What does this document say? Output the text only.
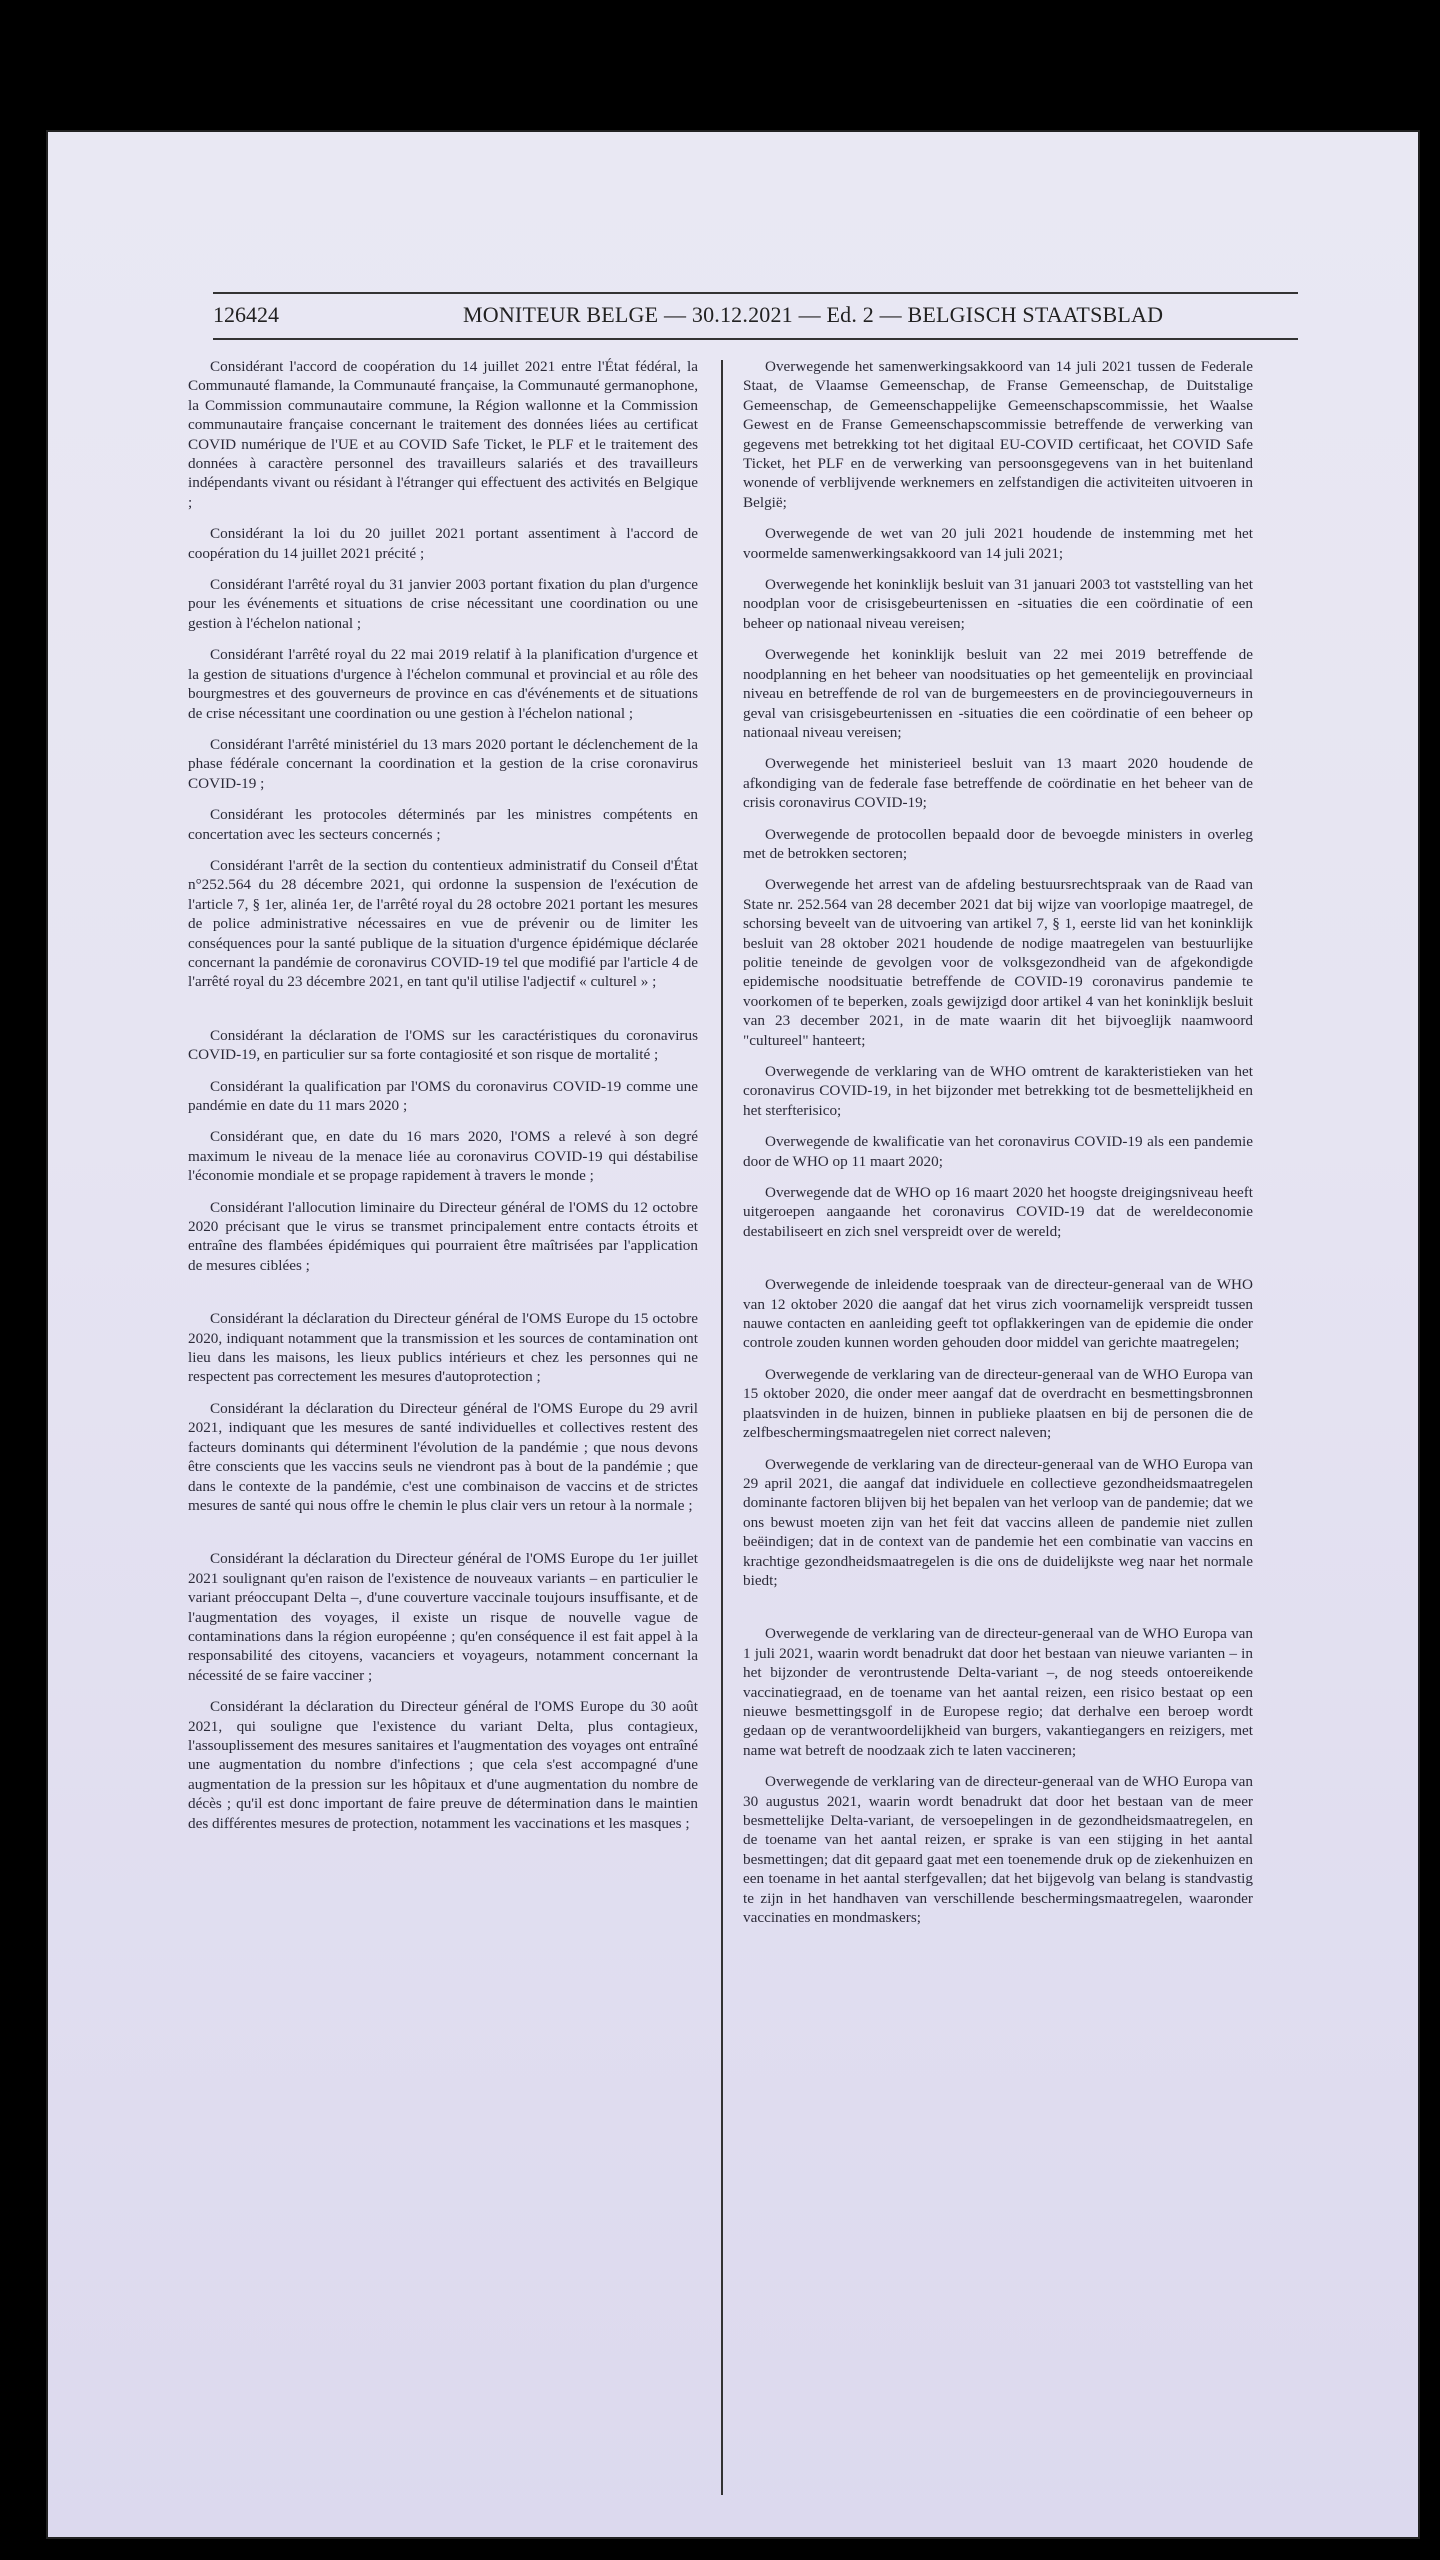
126424	MONITEUR BELGE — 30.12.2021 — Ed. 2 — BELGISCH STAATSBLAD

Considérant l'accord de coopération du 14 juillet 2021 entre l'État fédéral, la Communauté flamande, la Communauté française, la Communauté germanophone, la Commission communautaire commune, la Région wallonne et la Commission communautaire française concernant le traitement des données liées au certificat COVID numérique de l'UE et au COVID Safe Ticket, le PLF et le traitement des données à caractère personnel des travailleurs salariés et des travailleurs indépendants vivant ou résidant à l'étranger qui effectuent des activités en Belgique ;

Considérant la loi du 20 juillet 2021 portant assentiment à l'accord de coopération du 14 juillet 2021 précité ;

Considérant l'arrêté royal du 31 janvier 2003 portant fixation du plan d'urgence pour les événements et situations de crise nécessitant une coordination ou une gestion à l'échelon national ;

Considérant l'arrêté royal du 22 mai 2019 relatif à la planification d'urgence et la gestion de situations d'urgence à l'échelon communal et provincial et au rôle des bourgmestres et des gouverneurs de province en cas d'événements et de situations de crise nécessitant une coordination ou une gestion à l'échelon national ;

Considérant l'arrêté ministériel du 13 mars 2020 portant le déclenchement de la phase fédérale concernant la coordination et la gestion de la crise coronavirus COVID-19 ;

Considérant les protocoles déterminés par les ministres compétents en concertation avec les secteurs concernés ;

Considérant l'arrêt de la section du contentieux administratif du Conseil d'État n°252.564 du 28 décembre 2021, qui ordonne la suspension de l'exécution de l'article 7, § 1er, alinéa 1er, de l'arrêté royal du 28 octobre 2021 portant les mesures de police administrative nécessaires en vue de prévenir ou de limiter les conséquences pour la santé publique de la situation d'urgence épidémique déclarée concernant la pandémie de coronavirus COVID-19 tel que modifié par l'article 4 de l'arrêté royal du 23 décembre 2021, en tant qu'il utilise l'adjectif « culturel » ;

Considérant la déclaration de l'OMS sur les caractéristiques du coronavirus COVID-19, en particulier sur sa forte contagiosité et son risque de mortalité ;

Considérant la qualification par l'OMS du coronavirus COVID-19 comme une pandémie en date du 11 mars 2020 ;

Considérant que, en date du 16 mars 2020, l'OMS a relevé à son degré maximum le niveau de la menace liée au coronavirus COVID-19 qui déstabilise l'économie mondiale et se propage rapidement à travers le monde ;

Considérant l'allocution liminaire du Directeur général de l'OMS du 12 octobre 2020 précisant que le virus se transmet principalement entre contacts étroits et entraîne des flambées épidémiques qui pourraient être maîtrisées par l'application de mesures ciblées ;

Considérant la déclaration du Directeur général de l'OMS Europe du 15 octobre 2020, indiquant notamment que la transmission et les sources de contamination ont lieu dans les maisons, les lieux publics intérieurs et chez les personnes qui ne respectent pas correctement les mesures d'autoprotection ;

Considérant la déclaration du Directeur général de l'OMS Europe du 29 avril 2021, indiquant que les mesures de santé individuelles et collectives restent des facteurs dominants qui déterminent l'évolution de la pandémie ; que nous devons être conscients que les vaccins seuls ne viendront pas à bout de la pandémie ; que dans le contexte de la pandémie, c'est une combinaison de vaccins et de strictes mesures de santé qui nous offre le chemin le plus clair vers un retour à la normale ;

Considérant la déclaration du Directeur général de l'OMS Europe du 1er juillet 2021 soulignant qu'en raison de l'existence de nouveaux variants – en particulier le variant préoccupant Delta –, d'une couverture vaccinale toujours insuffisante, et de l'augmentation des voyages, il existe un risque de nouvelle vague de contaminations dans la région européenne ; qu'en conséquence il est fait appel à la responsabilité des citoyens, vacanciers et voyageurs, notamment concernant la nécessité de se faire vacciner ;

Considérant la déclaration du Directeur général de l'OMS Europe du 30 août 2021, qui souligne que l'existence du variant Delta, plus contagieux, l'assouplissement des mesures sanitaires et l'augmentation des voyages ont entraîné une augmentation du nombre d'infections ; que cela s'est accompagné d'une augmentation de la pression sur les hôpitaux et d'une augmentation du nombre de décès ; qu'il est donc important de faire preuve de détermination dans le maintien des différentes mesures de protection, notamment les vaccinations et les masques ;

Overwegende het samenwerkingsakkoord van 14 juli 2021 tussen de Federale Staat, de Vlaamse Gemeenschap, de Franse Gemeenschap, de Duitstalige Gemeenschap, de Gemeenschappelijke Gemeenschapscommissie, het Waalse Gewest en de Franse Gemeenschapscommissie betreffende de verwerking van gegevens met betrekking tot het digitaal EU-COVID certificaat, het COVID Safe Ticket, het PLF en de verwerking van persoonsgegevens van in het buitenland wonende of verblijvende werknemers en zelfstandigen die activiteiten uitvoeren in België;

Overwegende de wet van 20 juli 2021 houdende de instemming met het voormelde samenwerkingsakkoord van 14 juli 2021;

Overwegende het koninklijk besluit van 31 januari 2003 tot vaststelling van het noodplan voor de crisisgebeurtenissen en -situaties die een coördinatie of een beheer op nationaal niveau vereisen;

Overwegende het koninklijk besluit van 22 mei 2019 betreffende de noodplanning en het beheer van noodsituaties op het gemeentelijk en provinciaal niveau en betreffende de rol van de burgemeesters en de provinciegouverneurs in geval van crisisgebeurtenissen en -situaties die een coördinatie of een beheer op nationaal niveau vereisen;

Overwegende het ministerieel besluit van 13 maart 2020 houdende de afkondiging van de federale fase betreffende de coördinatie en het beheer van de crisis coronavirus COVID-19;

Overwegende de protocollen bepaald door de bevoegde ministers in overleg met de betrokken sectoren;

Overwegende het arrest van de afdeling bestuursrechtspraak van de Raad van State nr. 252.564 van 28 december 2021 dat bij wijze van voorlopige maatregel, de schorsing beveelt van de uitvoering van artikel 7, § 1, eerste lid van het koninklijk besluit van 28 oktober 2021 houdende de nodige maatregelen van bestuurlijke politie teneinde de gevolgen voor de volksgezondheid van de afgekondigde epidemische noodsituatie betreffende de COVID-19 coronavirus pandemie te voorkomen of te beperken, zoals gewijzigd door artikel 4 van het koninklijk besluit van 23 december 2021, in de mate waarin dit het bijvoeglijk naamwoord "cultureel" hanteert;

Overwegende de verklaring van de WHO omtrent de karakteristieken van het coronavirus COVID-19, in het bijzonder met betrekking tot de besmettelijkheid en het sterfterisico;

Overwegende de kwalificatie van het coronavirus COVID-19 als een pandemie door de WHO op 11 maart 2020;

Overwegende dat de WHO op 16 maart 2020 het hoogste dreigingsniveau heeft uitgeroepen aangaande het coronavirus COVID-19 dat de wereldeconomie destabiliseert en zich snel verspreidt over de wereld;

Overwegende de inleidende toespraak van de directeur-generaal van de WHO van 12 oktober 2020 die aangaf dat het virus zich voornamelijk verspreidt tussen nauwe contacten en aanleiding geeft tot opflakkeringen van de epidemie die onder controle zouden kunnen worden gehouden door middel van gerichte maatregelen;

Overwegende de verklaring van de directeur-generaal van de WHO Europa van 15 oktober 2020, die onder meer aangaf dat de overdracht en besmettingsbronnen plaatsvinden in de huizen, binnen in publieke plaatsen en bij de personen die de zelfbeschermingsmaatregelen niet correct naleven;

Overwegende de verklaring van de directeur-generaal van de WHO Europa van 29 april 2021, die aangaf dat individuele en collectieve gezondheidsmaatregelen dominante factoren blijven bij het bepalen van het verloop van de pandemie; dat we ons bewust moeten zijn van het feit dat vaccins alleen de pandemie niet zullen beëindigen; dat in de context van de pandemie het een combinatie van vaccins en krachtige gezondheidsmaatregelen is die ons de duidelijkste weg naar het normale biedt;

Overwegende de verklaring van de directeur-generaal van de WHO Europa van 1 juli 2021, waarin wordt benadrukt dat door het bestaan van nieuwe varianten – in het bijzonder de verontrustende Delta-variant –, de nog steeds ontoereikende vaccinatiegraad, en de toename van het aantal reizen, een risico bestaat op een nieuwe besmettingsgolf in de Europese regio; dat derhalve een beroep wordt gedaan op de verantwoordelijkheid van burgers, vakantiegangers en reizigers, met name wat betreft de noodzaak zich te laten vaccineren;

Overwegende de verklaring van de directeur-generaal van de WHO Europa van 30 augustus 2021, waarin wordt benadrukt dat door het bestaan van de meer besmettelijke Delta-variant, de versoepelingen in de gezondheidsmaatregelen, en de toename van het aantal reizen, er sprake is van een stijging in het aantal besmettingen; dat dit gepaard gaat met een toenemende druk op de ziekenhuizen en een toename in het aantal sterfgevallen; dat het bijgevolg van belang is standvastig te zijn in het handhaven van verschillende beschermingsmaatregelen, waaronder vaccinaties en mondmaskers;
